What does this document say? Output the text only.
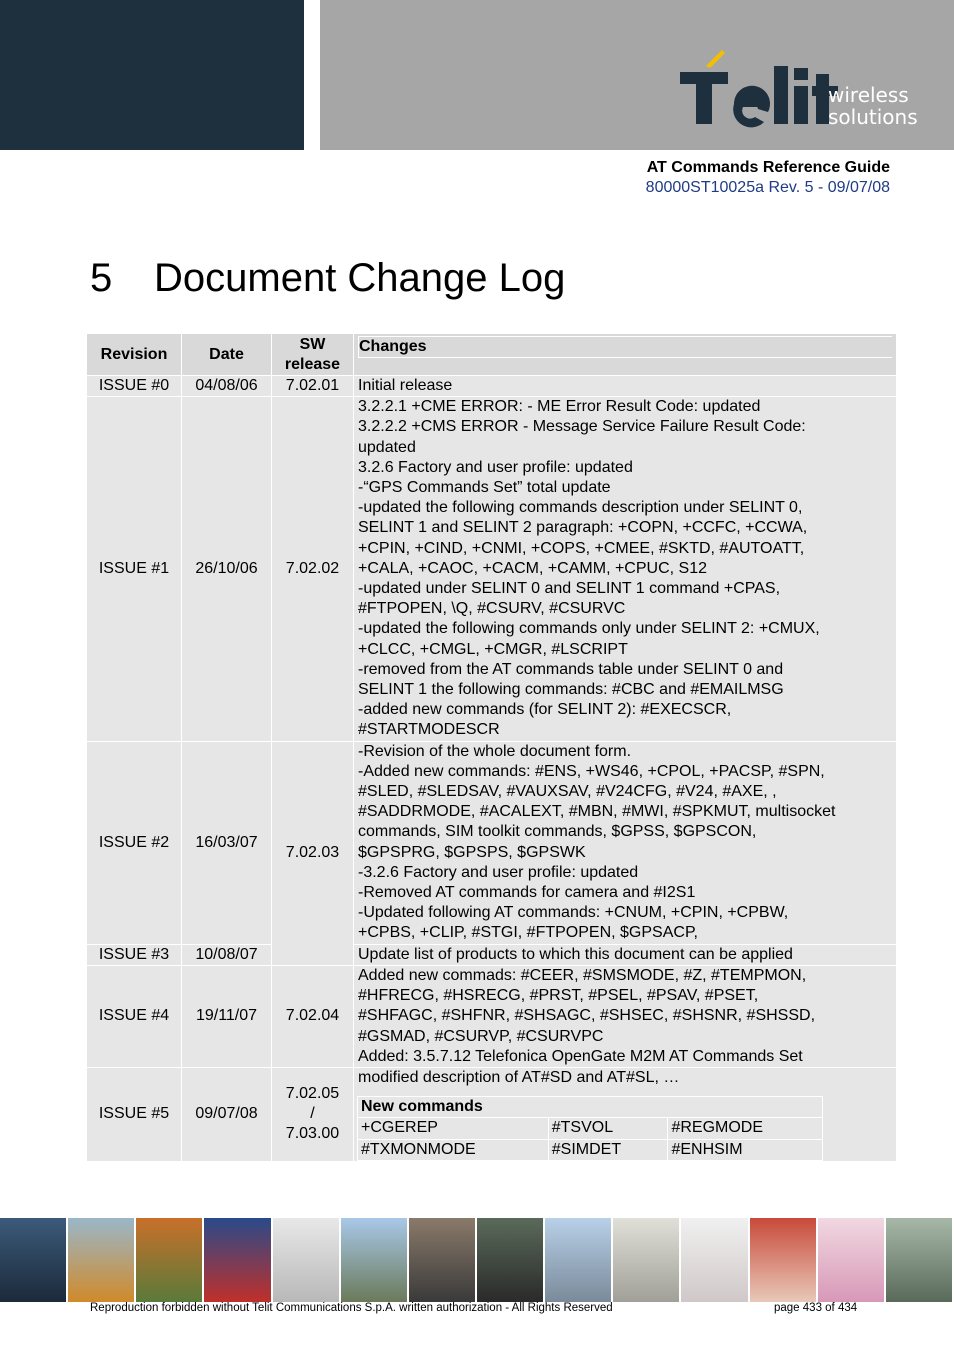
wireless
solutions
AT Commands Reference Guide
80000ST10025a Rev. 5 - 09/07/08
5 Document Change Log
Revision	Date	SW
release	
Changes

ISSUE #0	04/08/06	7.02.01	Initial release

ISSUE #1	26/10/06	7.02.02	
3.2.2.1 +CME ERROR: - ME Error Result Code: updated
3.2.2.2 +CMS ERROR - Message Service Failure Result Code:
updated
3.2.6 Factory and user profile: updated
-“GPS Commands Set” total update
-updated the following commands description under SELINT 0,
SELINT 1 and SELINT 2 paragraph: +COPN, +CCFC, +CCWA,
+CPIN, +CIND, +CNMI, +COPS, +CMEE, #SKTD, #AUTOATT,
+CALA, +CAOC, +CACM, +CAMM, +CPUC, S12
-updated under SELINT 0 and SELINT 1 command +CPAS,
#FTPOPEN, \Q, #CSURV, #CSURVC
-updated the following commands only under SELINT 2: +CMUX,
+CLCC, +CMGL, +CMGR, #LSCRIPT
-removed from the AT commands table under SELINT 0 and
SELINT 1 the following commands: #CBC and #EMAILMSG
-added new commands (for SELINT 2): #EXECSCR,
#STARTMODESCR

ISSUE #2	16/03/07	7.02.03	
-Revision of the whole document form.
-Added new commands: #ENS, +WS46, +CPOL, +PACSP, #SPN,
#SLED, #SLEDSAV, #VAUXSAV, #V24CFG, #V24, #AXE, ,
#SADDRMODE, #ACALEXT, #MBN, #MWI, #SPKMUT, multisocket
commands, SIM toolkit commands, $GPSS, $GPSCON,
$GPSPRG, $GPSPS, $GPSWK
-3.2.6 Factory and user profile: updated
-Removed AT commands for camera and #I2S1
-Updated following AT commands: +CNUM, +CPIN, +CPBW,
+CPBS, +CLIP, #STGI, #FTPOPEN, $GPSACP,

ISSUE #3	10/08/07	Update list of products to which this document can be applied

ISSUE #4	19/11/07	7.02.04	
Added new commads: #CEER, #SMSMODE, #Z, #TEMPMON,
#HFRECG, #HSRECG, #PRST, #PSEL, #PSAV, #PSET,
#SHFAGC, #SHFNR, #SHSAGC, #SHSEC, #SHSNR, #SHSSD,
#GSMAD, #CSURVP, #CSURVPC
Added: 3.5.7.12 Telefonica OpenGate M2M AT Commands Set

ISSUE #5	09/07/08	7.02.05
/
7.03.00	
modified description of AT#SD and AT#SL, …
New commands
+CGEREP	#TSVOL	#REGMODE
#TXMONMODE	#SIMDET	#ENHSIM
Reproduction forbidden without Telit Communications S.p.A. written authorization - All Rights Reserved	page 433 of 434
